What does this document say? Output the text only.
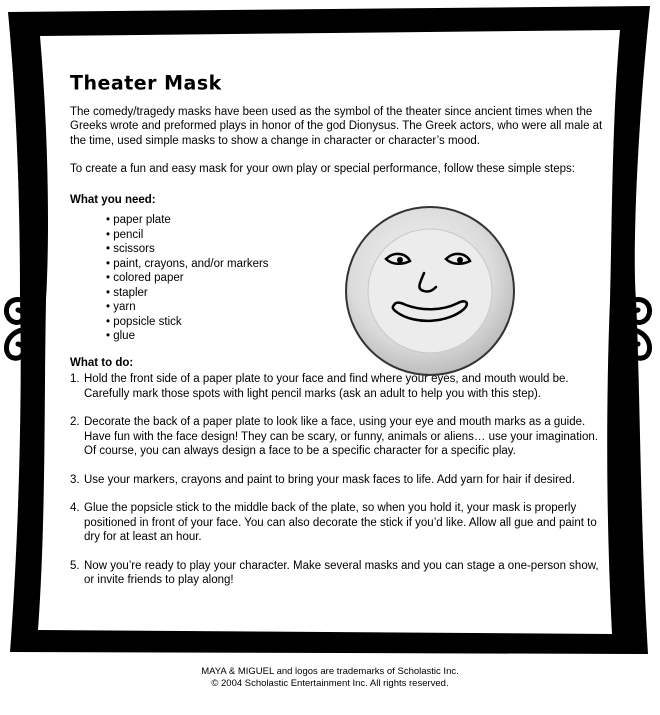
Theater Mask

The comedy/tragedy masks have been used as the symbol of the theater since ancient times when the Greeks wrote and preformed plays in honor of the god Dionysus. The Greek actors, who were all male at the time, used simple masks to show a change in character or character’s mood.

To create a fun and easy mask for your own play or special performance, follow these simple steps:

What you need:
• paper plate
• pencil
• scissors
• paint, crayons, and/or markers
• colored paper
• stapler
• yarn
• popsicle stick
• glue
What to do:
1. Hold the front side of a paper plate to your face and find where your eyes, and mouth would be. Carefully mark those spots with light pencil marks (ask an adult to help you with this step).
2. Decorate the back of a paper plate to look like a face, using your eye and mouth marks as a guide. Have fun with the face design! They can be scary, or funny, animals or aliens… use your imagination. Of course, you can always design a face to be a specific character for a specific play.
3. Use your markers, crayons and paint to bring your mask faces to life. Add yarn for hair if desired.
4. Glue the popsicle stick to the middle back of the plate, so when you hold it, your mask is properly positioned in front of your face. You can also decorate the stick if you’d like. Allow all gue and paint to dry for at least an hour.
5. Now you’re ready to play your character. Make several masks and you can stage a one-person show, or invite friends to play along!
MAYA & MIGUEL and logos are trademarks of Scholastic Inc.
© 2004 Scholastic Entertainment Inc. All rights reserved.
